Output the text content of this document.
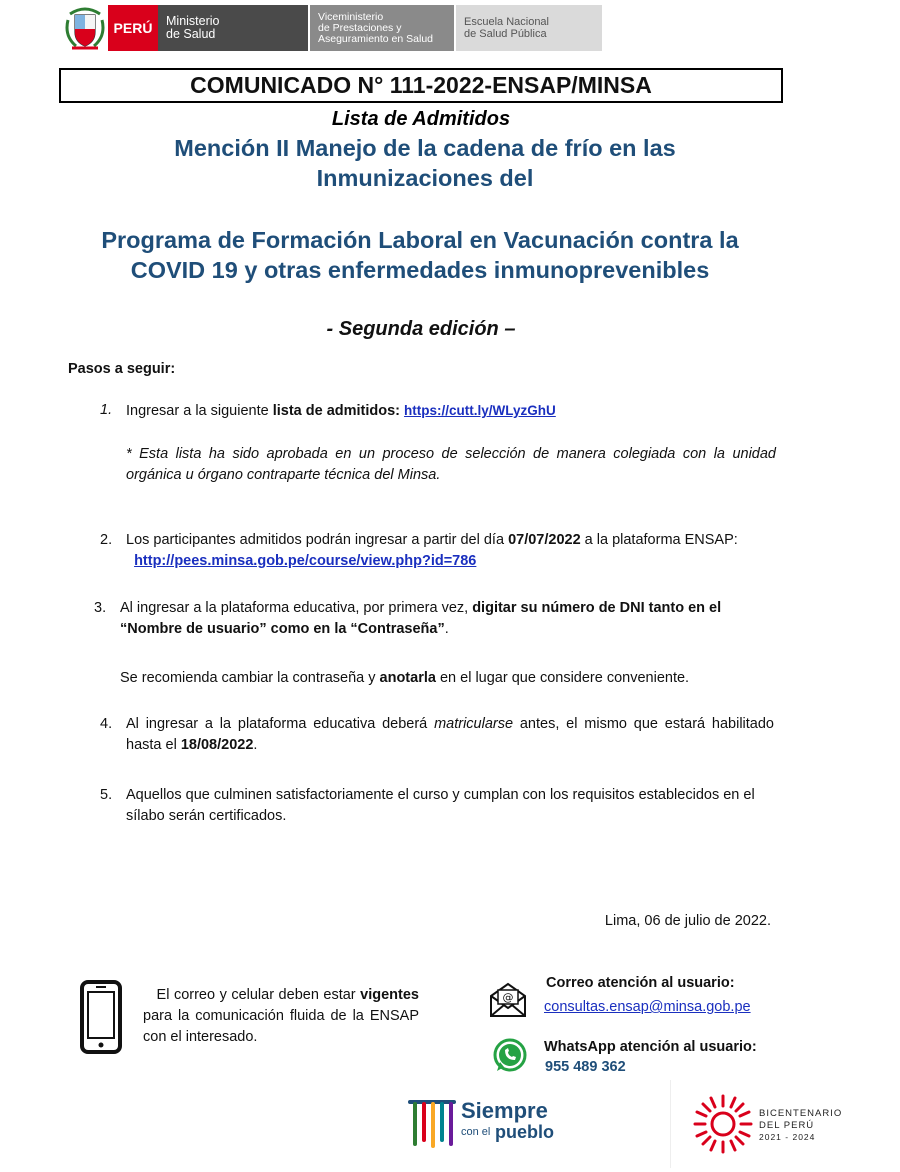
PERÚ	Ministerio
de Salud
Viceministerio
de Prestaciones y
Aseguramiento en Salud
Escuela Nacional
de Salud Pública
COMUNICADO N° 111-2022-ENSAP/MINSA
Lista de Admitidos
Mención II Manejo de la cadena de frío en las Inmunizaciones del
Programa de Formación Laboral en Vacunación contra la COVID 19 y otras enfermedades inmunoprevenibles
- Segunda edición –
Pasos a seguir:
1. Ingresar a la siguiente lista de admitidos: https://cutt.ly/WLyzGhU
* Esta lista ha sido aprobada en un proceso de selección de manera colegiada con la unidad orgánica u órgano contraparte técnica del Minsa.
2. Los participantes admitidos podrán ingresar a partir del día 07/07/2022 a la plataforma ENSAP:   http://pees.minsa.gob.pe/course/view.php?id=786
3. Al ingresar a la plataforma educativa, por primera vez, digitar su número de DNI tanto en el “Nombre de usuario” como en la “Contraseña”.
Se recomienda cambiar la contraseña y anotarla en el lugar que considere conveniente.
4. Al ingresar a la plataforma educativa deberá matricularse antes, el mismo que estará habilitado hasta el 18/08/2022.
5. Aquellos que culminen satisfactoriamente el curso y cumplan con los requisitos establecidos en el sílabo serán certificados.
Lima, 06 de julio de 2022.
El correo y celular deben estar vigentes para la comunicación fluida de la ENSAP con el interesado.
@
Correo atención al usuario:
consultas.ensap@minsa.gob.pe
WhatsApp atención al usuario:
955 489 362
Siempre
con el pueblo
BICENTENARIO
DEL PERÚ
2021 - 2024
